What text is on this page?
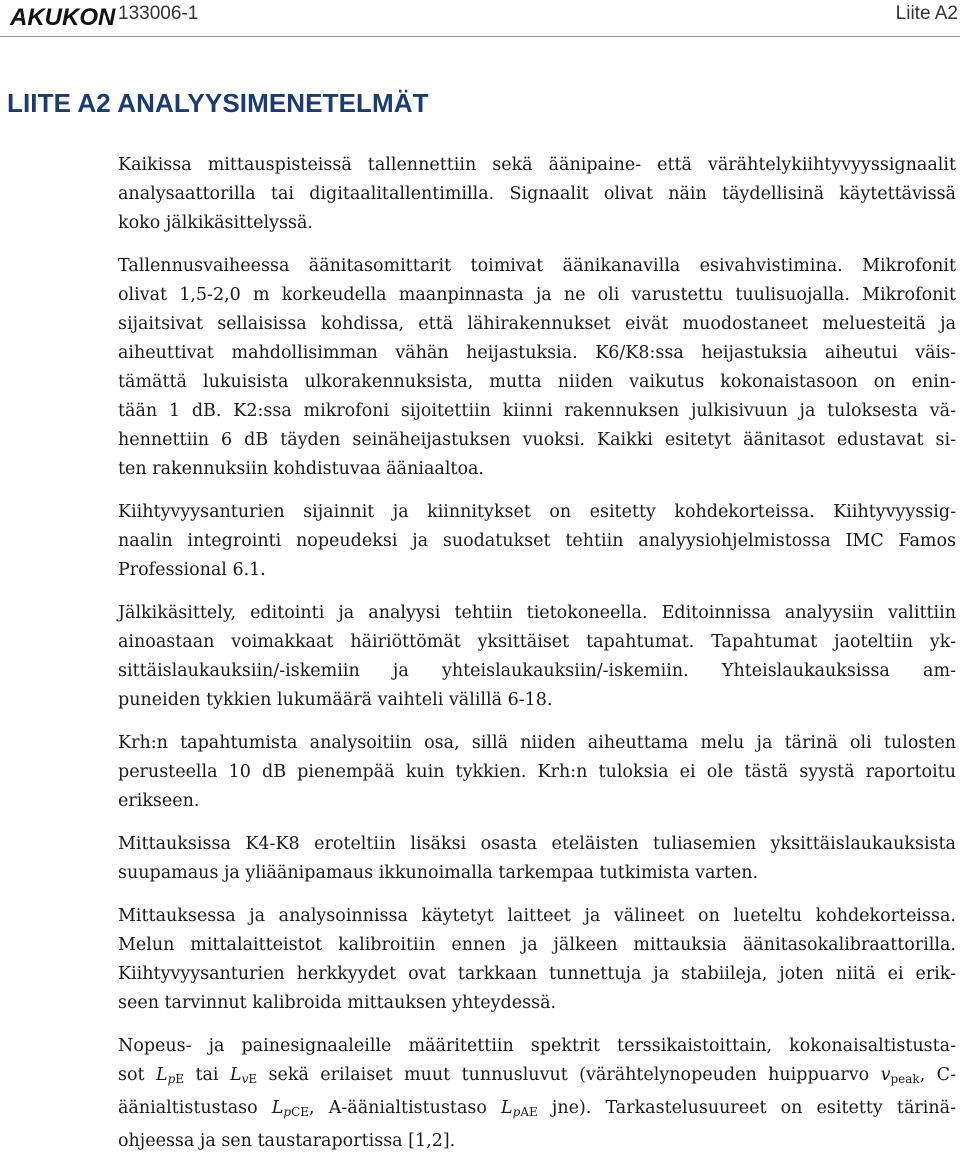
AKUKON 133006-1	Liite A2
LIITE A2 ANALYYSIMENETELMÄT

Kaikissa mittauspisteissä tallennettiin sekä äänipaine- että värähtelykiihtyvyyssignaalit
analysaattorilla tai digitaalitallentimilla. Signaalit olivat näin täydellisinä käytettävissä
koko jälkikäsittelyssä.

Tallennusvaiheessa äänitasomittarit toimivat äänikanavilla esivahvistimina. Mikrofonit
olivat 1,5-2,0 m korkeudella maanpinnasta ja ne oli varustettu tuulisuojalla. Mikrofonit
sijaitsivat sellaisissa kohdissa, että lähirakennukset eivät muodostaneet meluesteitä ja
aiheuttivat mahdollisimman vähän heijastuksia. K6/K8:ssa heijastuksia aiheutui väis-
tämättä lukuisista ulkorakennuksista, mutta niiden vaikutus kokonaistasoon on enin-
tään 1 dB. K2:ssa mikrofoni sijoitettiin kiinni rakennuksen julkisivuun ja tuloksesta vä-
hennettiin 6 dB täyden seinäheijastuksen vuoksi. Kaikki esitetyt äänitasot edustavat si-
ten rakennuksiin kohdistuvaa ääniaaltoa.

Kiihtyvyysanturien sijainnit ja kiinnitykset on esitetty kohdekorteissa. Kiihtyvyyssig-
naalin integrointi nopeudeksi ja suodatukset tehtiin analyysiohjelmistossa IMC Famos
Professional 6.1.

Jälkikäsittely, editointi ja analyysi tehtiin tietokoneella. Editoinnissa analyysiin valittiin
ainoastaan voimakkaat häiriöttömät yksittäiset tapahtumat. Tapahtumat jaoteltiin yk-
sittäislaukauksiin/-iskemiin ja yhteislaukauksiin/-iskemiin. Yhteislaukauksissa am-
puneiden tykkien lukumäärä vaihteli välillä 6-18.

Krh:n tapahtumista analysoitiin osa, sillä niiden aiheuttama melu ja tärinä oli tulosten
perusteella 10 dB pienempää kuin tykkien. Krh:n tuloksia ei ole tästä syystä raportoitu
erikseen.

Mittauksissa K4-K8 eroteltiin lisäksi osasta eteläisten tuliasemien yksittäislaukauksista
suupamaus ja yliäänipamaus ikkunoimalla tarkempaa tutkimista varten.

Mittauksessa ja analysoinnissa käytetyt laitteet ja välineet on lueteltu kohdekorteissa.
Melun mittalaitteistot kalibroitiin ennen ja jälkeen mittauksia äänitasokalibraattorilla.
Kiihtyvyysanturien herkkyydet ovat tarkkaan tunnettuja ja stabiileja, joten niitä ei erik-
seen tarvinnut kalibroida mittauksen yhteydessä.

Nopeus- ja painesignaaleille määritettiin spektrit terssikaistoittain, kokonaisaltistusta-
sot $L_{pE}$ tai $L_{vE}$ sekä erilaiset muut tunnusluvut (värähtelynopeuden huippuarvo $v_{peak}$, C-
äänialtistustaso $L_{pCE}$, A-äänialtistustaso $L_{pAE}$ jne). Tarkastelusuureet on esitetty tärinä-
ohjeessa ja sen taustaraportissa [1,2].
